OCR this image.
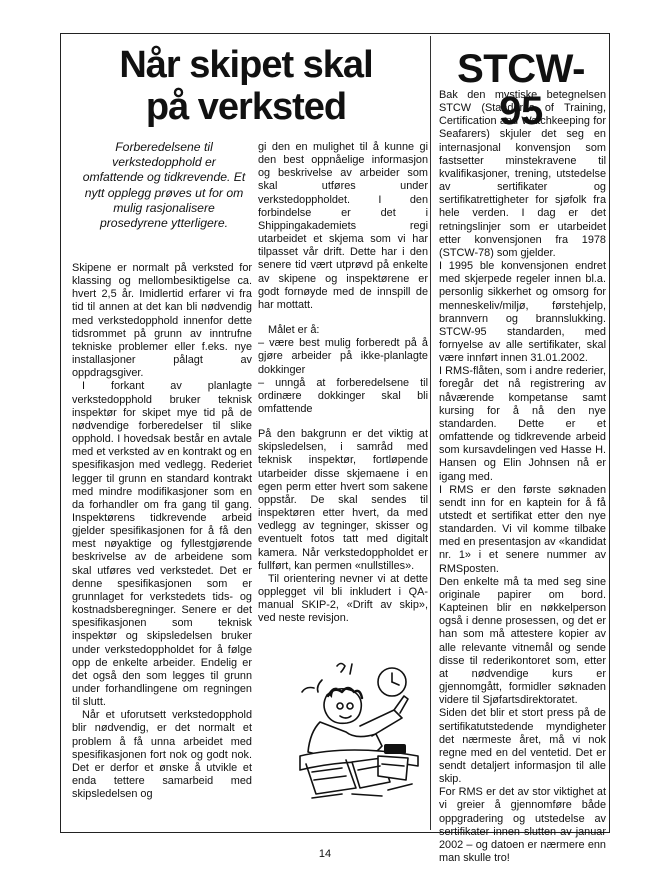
Når skipet skal
på verksted
Forberedelsene til verkstedopphold er omfattende og tidkrevende. Et nytt opplegg prøves ut for om mulig rasjonalisere prosedyrene ytterligere.

Skipene er normalt på verksted for klassing og mellombesiktigelse ca. hvert 2,5 år. Imidlertid erfarer vi fra tid til annen at det kan bli nødvendig med verkstedopphold innenfor dette tidsrommet på grunn av inntrufne tekniske problemer eller f.eks. nye installasjoner pålagt av oppdragsgiver.

I forkant av planlagte verkstedopphold bruker teknisk inspektør for skipet mye tid på de nødvendige forberedelser til slike opphold. I hovedsak består en avtale med et verksted av en kontrakt og en spesifikasjon med vedlegg. Rederiet legger til grunn en standard kontrakt med mindre modifikasjoner som en da forhandler om fra gang til gang. Inspektørens tidkrevende arbeid gjelder spesifikasjonen for å få den mest nøyaktige og fyllestgjørende beskrivelse av de arbeidene som skal utføres ved verkstedet. Det er denne spesifikasjonen som er grunnlaget for verkstedets tids- og kostnadsberegninger. Senere er det spesifikasjonen som teknisk inspektør og skipsledelsen bruker under verkstedoppholdet for å følge opp de enkelte arbeider. Endelig er det også den som legges til grunn under forhandlingene om regningen til slutt.

Når et uforutsett verkstedopphold blir nødvendig, er det normalt et problem å få unna arbeidet med spesifikasjonen fort nok og godt nok. Det er derfor et ønske å utvikle et enda tettere samarbeid med skipsledelsen og

gi den en mulighet til å kunne gi den best oppnåelige informasjon og beskrivelse av arbeider som skal utføres under verkstedoppholdet. I den forbindelse er det i Shippingakademiets regi utarbeidet et skjema som vi har tilpasset vår drift. Dette har i den senere tid vært utprøvd på enkelte av skipene og inspektørene er godt fornøyde med de innspill de har mottatt.

Målet er å:

– være best mulig forberedt på å gjøre arbeider på ikke-planlagte dokkinger

– unngå at forberedelsene til ordinære dokkinger skal bli omfattende

På den bakgrunn er det viktig at skipsledelsen, i samråd med teknisk inspektør, fortløpende utarbeider disse skjemaene i en egen perm etter hvert som sakene oppstår. De skal sendes til inspektøren etter hvert, da med vedlegg av tegninger, skisser og eventuelt fotos tatt med digitalt kamera. Når verkstedoppholdet er fullført, kan permen «nullstilles».

Til orientering nevner vi at dette opplegget vil bli inkludert i QA-manual SKIP-2, «Drift av skip», ved neste revisjon.

STCW-95

Bak den mystiske betegnelsen STCW (Standards of Training, Certification and Watchkeeping for Seafarers) skjuler det seg en internasjonal konvensjon som fastsetter minstekravene til kvalifikasjoner, trening, utstedelse av sertifikater og sertifikatrettigheter for sjøfolk fra hele verden. I dag er det retningslinjer som er utarbeidet etter konvensjonen fra 1978 (STCW-78) som gjelder.

I 1995 ble konvensjonen endret med skjerpede regeler innen bl.a. personlig sikkerhet og omsorg for menneskeliv/miljø, førstehjelp, brannvern og brannslukking. STCW-95 standarden, med fornyelse av alle sertifikater, skal være innført innen 31.01.2002.

I RMS-flåten, som i andre rederier, foregår det nå registrering av nåværende kompetanse samt kursing for å nå den nye standarden. Dette er et omfattende og tidkrevende arbeid som kursavdelingen ved Hasse H. Hansen og Elin Johnsen nå er igang med.

I RMS er den første søknaden sendt inn for en kaptein for å få utstedt et sertifikat etter den nye standarden. Vi vil komme tilbake med en presentasjon av «kandidat nr. 1» i et senere nummer av RMSposten.

Den enkelte må ta med seg sine originale papirer om bord. Kapteinen blir en nøkkelperson også i denne prosessen, og det er han som må attestere kopier av alle relevante vitnemål og sende disse til rederikontoret som, etter at nødvendige kurs er gjennomgått, formidler søknaden videre til Sjøfartsdirektoratet.

Siden det blir et stort press på de sertifikatutstedende myndigheter det nærmeste året, må vi nok regne med en del ventetid. Det er sendt detaljert informasjon til alle skip.

For RMS er det av stor viktighet at vi greier å gjennomføre både oppgradering og utstedelse av sertifikater innen slutten av januar 2002 – og datoen er nærmere enn man skulle tro!

14
